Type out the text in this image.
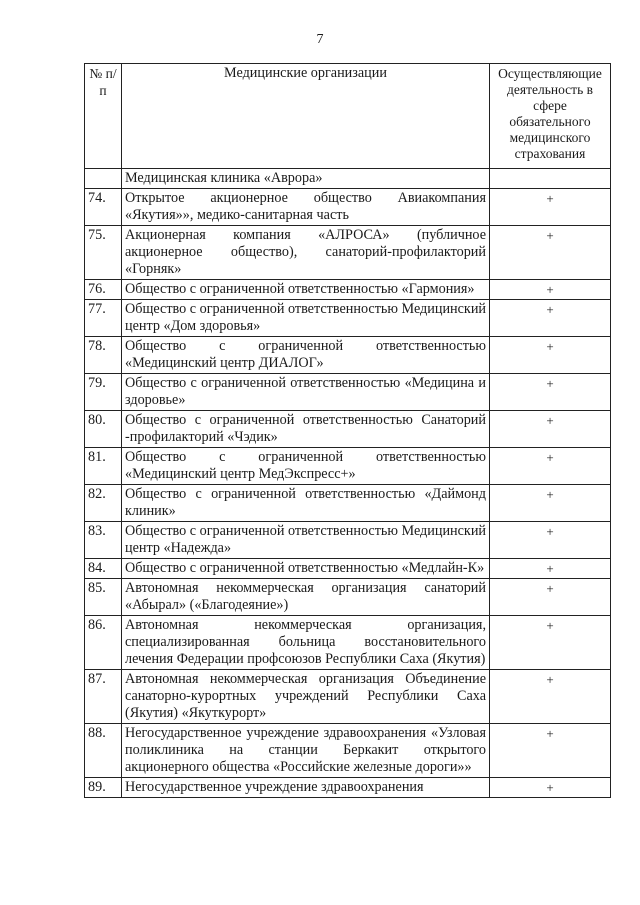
7
№ п/п	Медицинские организации	Осуществляющие деятельность в сфере обязательного медицинского страхования
	Медицинская клиника «Аврора»	
74.	Открытое акционерное общество Авиакомпания «Якутия»», медико-санитарная часть	+
75.	Акционерная компания «АЛРОСА» (публичное акционерное общество), санаторий-профилакторий «Горняк»	+
76.	Общество с ограниченной ответственностью «Гармония»	+
77.	Общество с ограниченной ответственностью Медицинский центр «Дом здоровья»	+
78.	Общество с ограниченной ответственностью «Медицинский центр ДИАЛОГ»	+
79.	Общество с ограниченной ответственностью «Медицина и здоровье»	+
80.	Общество с ограниченной ответственностью Санаторий -профилакторий «Чэдик»	+
81.	Общество с ограниченной ответственностью «Медицинский центр МедЭкспресс+»	+
82.	Общество с ограниченной ответственностью «Даймонд клиник»	+
83.	Общество с ограниченной ответственностью Медицинский центр «Надежда»	+
84.	Общество с ограниченной ответственностью «Медлайн-К»	+
85.	Автономная некоммерческая организация санаторий «Абырал» («Благодеяние»)	+
86.	Автономная некоммерческая организация, специализированная больница восстановительного лечения Федерации профсоюзов Республики Саха (Якутия)	+
87.	Автономная некоммерческая организация Объединение санаторно-курортных учреждений Республики Саха (Якутия) «Якуткурорт»	+
88.	Негосударственное учреждение здравоохранения «Узловая поликлиника на станции Беркакит открытого акционерного общества «Российские железные дороги»»	+
89.	Негосударственное учреждение здравоохранения	+
